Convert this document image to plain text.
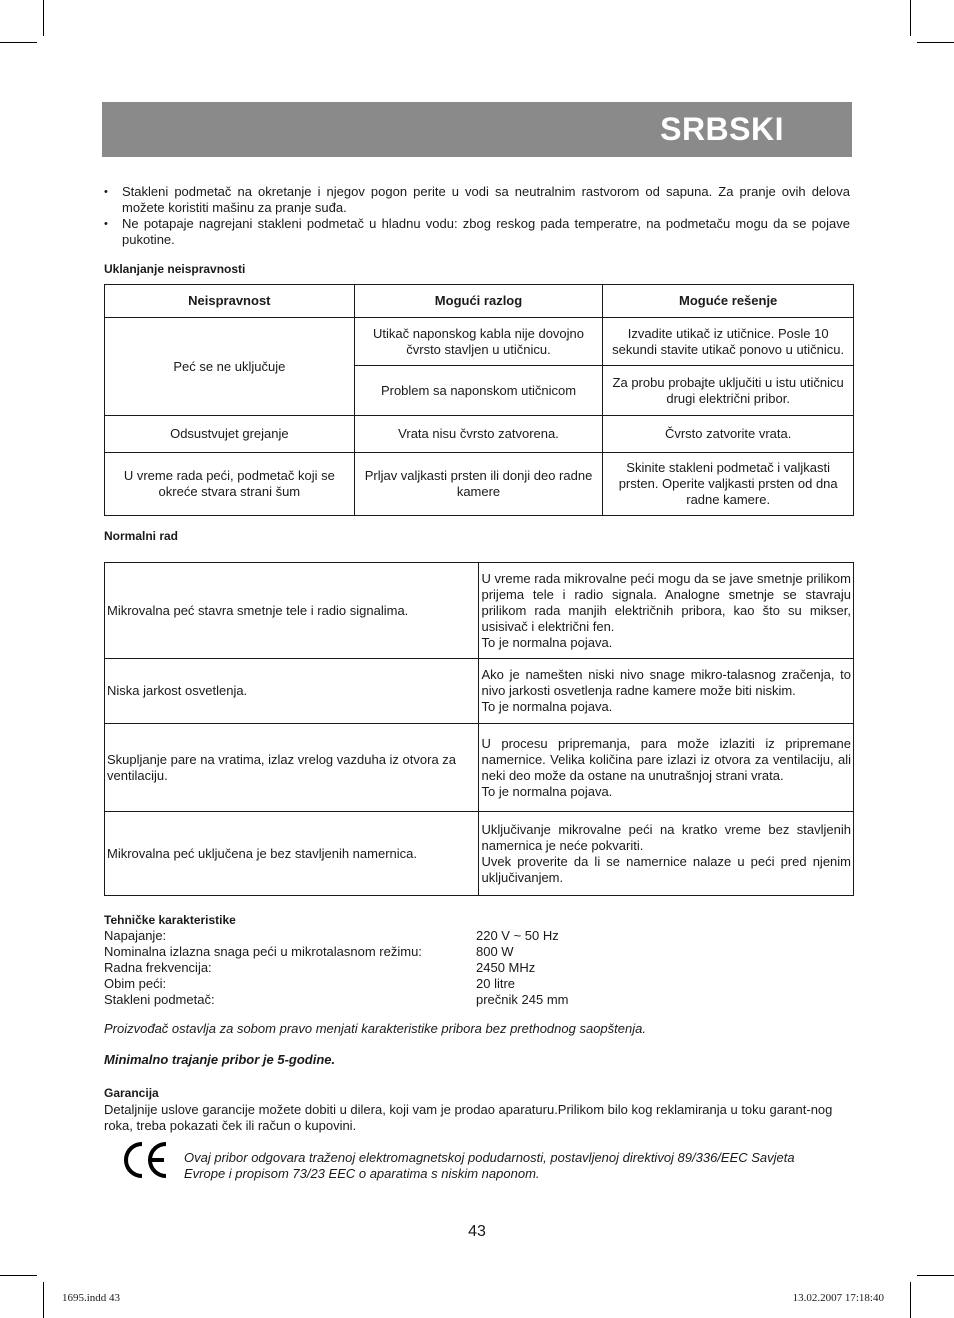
SRBSKI
• Stakleni podmetač na okretanje i njegov pogon perite u vodi sa neutralnim rastvorom od sapuna. Za pranje ovih delova možete koristiti mašinu za pranje suđa.
• Ne potapaje nagrejani stakleni podmetač u hladnu vodu: zbog reskog pada temperatre, na podmetaču mogu da se pojave pukotine.
Uklanjanje neispravnosti
Neispravnost	Mogući razlog	Moguće rešenje
Peć se ne uključuje	Utikač naponskog kabla nije dovojno čvrsto stavljen u utičnicu.	Izvadite utikač iz utičnice. Posle 10 sekundi stavite utikač ponovo u utičnicu.
	Problem sa naponskom utičnicom	Za probu probajte uključiti u istu utičnicu drugi električni pribor.
Odsustvujet grejanje	Vrata nisu čvrsto zatvorena.	Čvrsto zatvorite vrata.
U vreme rada peći, podmetač koji se okreće stvara strani šum	Prljav valjkasti prsten ili donji deo radne kamere	Skinite stakleni podmetač i valjkasti prsten. Operite valjkasti prsten od dna radne kamere.
Normalni rad
Mikrovalna peć stavra smetnje tele i radio signalima.	U vreme rada mikrovalne peći mogu da se jave smetnje prilikom prijema tele i radio signala. Analogne smetnje se stavraju prilikom rada manjih električnih pribora, kao što su mikser, usisivač i električni fen.
To je normalna pojava.

Niska jarkost osvetlenja.	Ako je namešten niski nivo snage mikro-talasnog zračenja, to nivo jarkosti osvetlenja radne kamere može biti niskim.
To je normalna pojava.

Skupljanje pare na vratima, izlaz vrelog vazduha iz otvora za ventilaciju.	U procesu pripremanja, para može izlaziti iz pripremane namernice. Velika količina pare izlazi iz otvora za ventilaciju, ali neki deo može da ostane na unutrašnjoj strani vrata.
To je normalna pojava.

Mikrovalna peć uključena je bez stavljenih namernica.	Uključivanje mikrovalne peći na kratko vreme bez stavljenih namernica je neće pokvariti.
Uvek proverite da li se namernice nalaze u peći pred njenim uključivanjem.
Tehničke karakteristike
Napajanje:	220 V ~ 50 Hz
Nominalna izlazna snaga peći u mikrotalasnom režimu:	800 W
Radna frekvencija:	2450 MHz
Obim peći:	20 litre
Stakleni podmetač:	prečnik 245 mm
Proizvođač ostavlja za sobom pravo menjati karakteristike pribora bez prethodnog saopštenja.
Minimalno trajanje pribor je 5-godine.
Garancija
Detaljnije uslove garancije možete dobiti u dilera, koji vam je prodao aparaturu.Prilikom bilo kog reklamiranja u toku garant-nog roka, treba pokazati ček ili račun o kupovini.
Ovaj pribor odgovara traženoj elektromagnetskoj podudarnosti, postavljenoj direktivoj 89/336/EEC Savjeta
Evrope i propisom 73/23 EEC o aparatima s niskim naponom.
43
1695.indd 43	13.02.2007 17:18:40
